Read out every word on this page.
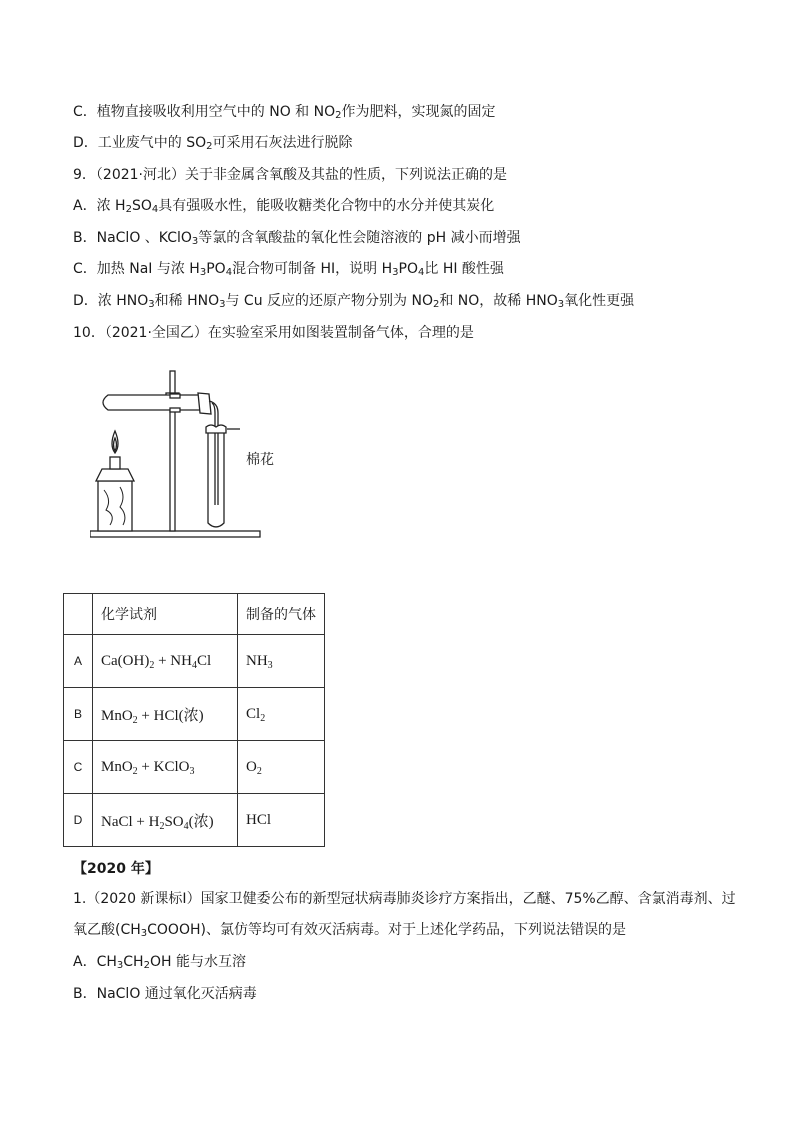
C．植物直接吸收利用空气中的 NO 和 $NO_2$作为肥料，实现氮的固定
D．工业废气中的 $SO_2$可采用石灰法进行脱除
9．（2021·河北）关于非金属含氧酸及其盐的性质，下列说法正确的是
A．浓 $H_2SO_4$具有强吸水性，能吸收糖类化合物中的水分并使其炭化
B．NaClO 、KClO$_3$等氯的含氧酸盐的氧化性会随溶液的 pH 减小而增强
C．加热 NaI 与浓 $H_3PO_4$混合物可制备 HI，说明 $H_3PO_4$比 HI 酸性强
D．浓 $HNO_3$和稀 $HNO_3$与 Cu 反应的还原产物分别为 $NO_2$和 NO，故稀 $HNO_3$氧化性更强
10．（2021·全国乙）在实验室采用如图装置制备气体，合理的是
棉花
	化学试剂	制备的气体
A	$Ca(OH)_2 + NH_4Cl$	$NH_3$
B	MnO$_2$ + HCl(浓)	$Cl_2$
C	MnO$_2$ + KClO$_3$	$O_2$
D	NaCl + $H_2SO_4$(浓)	HCl
【2020 年】
1.（2020 新课标Ⅰ）国家卫健委公布的新型冠状病毒肺炎诊疗方案指出，乙醚、75%乙醇、含氯消毒剂、过
氧乙酸$(CH_3COOOH)$、氯仿等均可有效灭活病毒。对于上述化学药品，下列说法错误的是
A．$CH_3CH_2OH$ 能与水互溶
B．NaClO 通过氧化灭活病毒
